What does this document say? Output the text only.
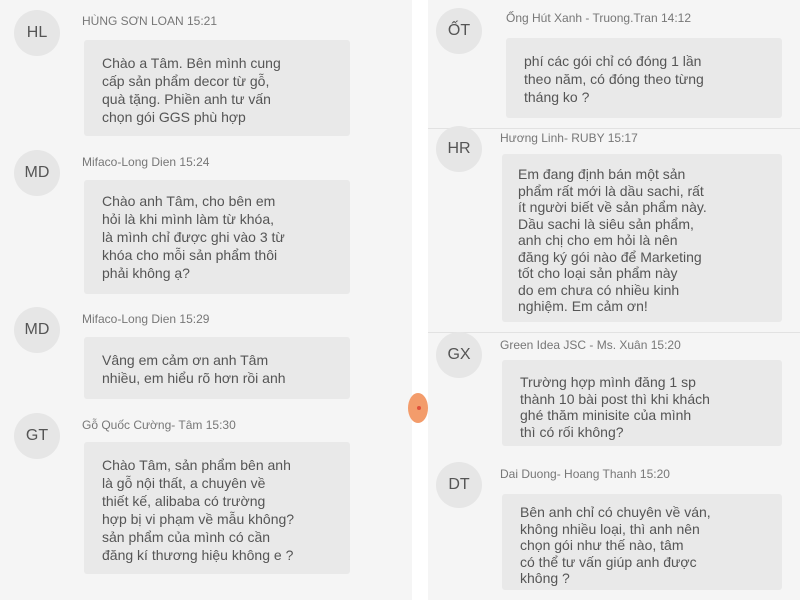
HL
HÙNG SƠN LOAN 15:21

Chào a Tâm. Bên mình cung
cấp sản phẩm decor từ gỗ,
quà tặng. Phiền anh tư vấn
chọn gói GGS phù hợp

MD
Mifaco-Long Dien 15:24

Chào anh Tâm, cho bên em
hỏi là khi mình làm từ khóa,
là mình chỉ được ghi vào 3 từ
khóa cho mỗi sản phẩm thôi
phải không ạ?

MD
Mifaco-Long Dien 15:29

Vâng em cảm ơn anh Tâm
nhiều, em hiểu rõ hơn rồi anh

GT
Gỗ Quốc Cường- Tâm 15:30

Chào Tâm, sản phẩm bên anh
là gỗ nội thất, a chuyên về
thiết kế, alibaba có trường
hợp bị vi phạm về mẫu không?
sản phẩm của mình có cần
đăng kí thương hiệu không e ?

ỐT
Ống Hút Xanh - Truong.Tran 14:12

phí các gói chỉ có đóng 1 lần
theo năm, có đóng theo từng
tháng ko ?

HR
Hương Linh- RUBY 15:17

Em đang định bán một sản
phẩm rất mới là dầu sachi, rất
ít người biết về sản phẩm này.
Dầu sachi là siêu sản phẩm,
anh chị cho em hỏi là nên
đăng ký gói nào để Marketing
tốt cho loại sản phẩm này
do em chưa có nhiều kinh
nghiệm. Em cảm ơn!

GX
Green Idea JSC - Ms. Xuân 15:20

Trường hợp mình đăng 1 sp
thành 10 bài post thì khi khách
ghé thăm minisite của mình
thì có rối không?

DT
Dai Duong- Hoang Thanh 15:20

Bên anh chỉ có chuyên về ván,
không nhiều loại, thì anh nên
chọn gói như thế nào, tâm
có thể tư vấn giúp anh được
không ?
